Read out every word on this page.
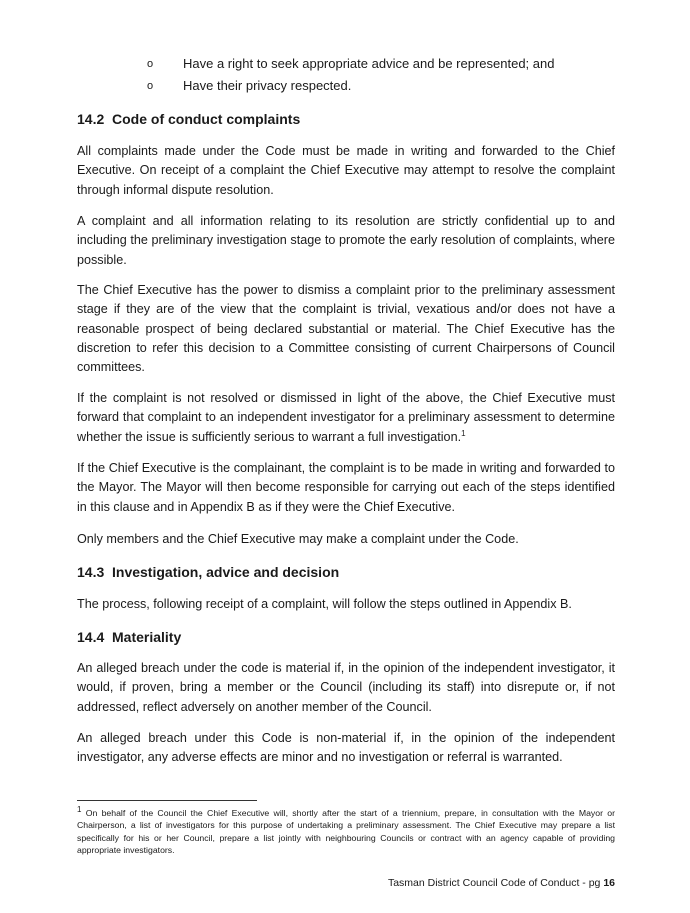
o Have a right to seek appropriate advice and be represented; and
o Have their privacy respected.
14.2 Code of conduct complaints

All complaints made under the Code must be made in writing and forwarded to the Chief Executive. On receipt of a complaint the Chief Executive may attempt to resolve the complaint through informal dispute resolution.

A complaint and all information relating to its resolution are strictly confidential up to and including the preliminary investigation stage to promote the early resolution of complaints, where possible.

The Chief Executive has the power to dismiss a complaint prior to the preliminary assessment stage if they are of the view that the complaint is trivial, vexatious and/or does not have a reasonable prospect of being declared substantial or material. The Chief Executive has the discretion to refer this decision to a Committee consisting of current Chairpersons of Council committees.

If the complaint is not resolved or dismissed in light of the above, the Chief Executive must forward that complaint to an independent investigator for a preliminary assessment to determine whether the issue is sufficiently serious to warrant a full investigation.$^1$

If the Chief Executive is the complainant, the complaint is to be made in writing and forwarded to the Mayor. The Mayor will then become responsible for carrying out each of the steps identified in this clause and in Appendix B as if they were the Chief Executive.

Only members and the Chief Executive may make a complaint under the Code.

14.3 Investigation, advice and decision

The process, following receipt of a complaint, will follow the steps outlined in Appendix B.

14.4 Materiality

An alleged breach under the code is material if, in the opinion of the independent investigator, it would, if proven, bring a member or the Council (including its staff) into disrepute or, if not addressed, reflect adversely on another member of the Council.

An alleged breach under this Code is non-material if, in the opinion of the independent investigator, any adverse effects are minor and no investigation or referral is warranted.

$^1$ On behalf of the Council the Chief Executive will, shortly after the start of a triennium, prepare, in consultation with the Mayor or Chairperson, a list of investigators for this purpose of undertaking a preliminary assessment. The Chief Executive may prepare a list specifically for his or her Council, prepare a list jointly with neighbouring Councils or contract with an agency capable of providing appropriate investigators.
Tasman District Council Code of Conduct - pg 16
